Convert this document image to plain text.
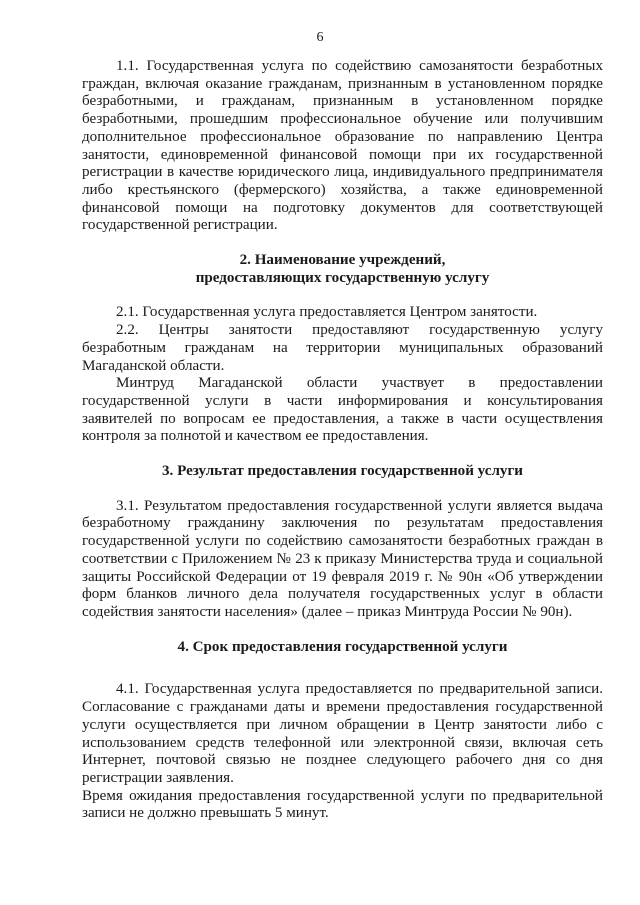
6

1.1. Государственная услуга по содействию самозанятости безработных граждан, включая оказание гражданам, признанным в установленном порядке безработными, и гражданам, признанным в установленном порядке безработными, прошедшим профессиональное обучение или получившим дополнительное профессиональное образование по направлению Центра занятости, единовременной финансовой помощи при их государственной регистрации в качестве юридического лица, индивидуального предпринимателя либо крестьянского (фермерского) хозяйства, а также единовременной финансовой помощи на подготовку документов для соответствующей государственной регистрации.

2. Наименование учреждений,

предоставляющих государственную услугу

2.1. Государственная услуга предоставляется Центром занятости.

2.2. Центры занятости предоставляют государственную услугу безработным гражданам на территории муниципальных образований Магаданской области.

Минтруд Магаданской области участвует в предоставлении государственной услуги в части информирования и консультирования заявителей по вопросам ее предоставления, а также в части осуществления контроля за полнотой и качеством ее предоставления.

3. Результат предоставления государственной услуги

3.1. Результатом предоставления государственной услуги является выдача безработному гражданину заключения по результатам предоставления государственной услуги по содействию самозанятости безработных граждан в соответствии с Приложением № 23 к приказу Министерства труда и социальной защиты Российской Федерации от 19 февраля 2019 г. № 90н «Об утверждении форм бланков личного дела получателя государственных услуг в области содействия занятости населения» (далее – приказ Минтруда России № 90н).

4. Срок предоставления государственной услуги

4.1. Государственная услуга предоставляется по предварительной записи. Согласование с гражданами даты и времени предоставления государственной услуги осуществляется при личном обращении в Центр занятости либо с использованием средств телефонной или электронной связи, включая сеть Интернет, почтовой связью не позднее следующего рабочего дня со дня регистрации заявления.

Время ожидания предоставления государственной услуги по предварительной записи не должно превышать 5 минут.
